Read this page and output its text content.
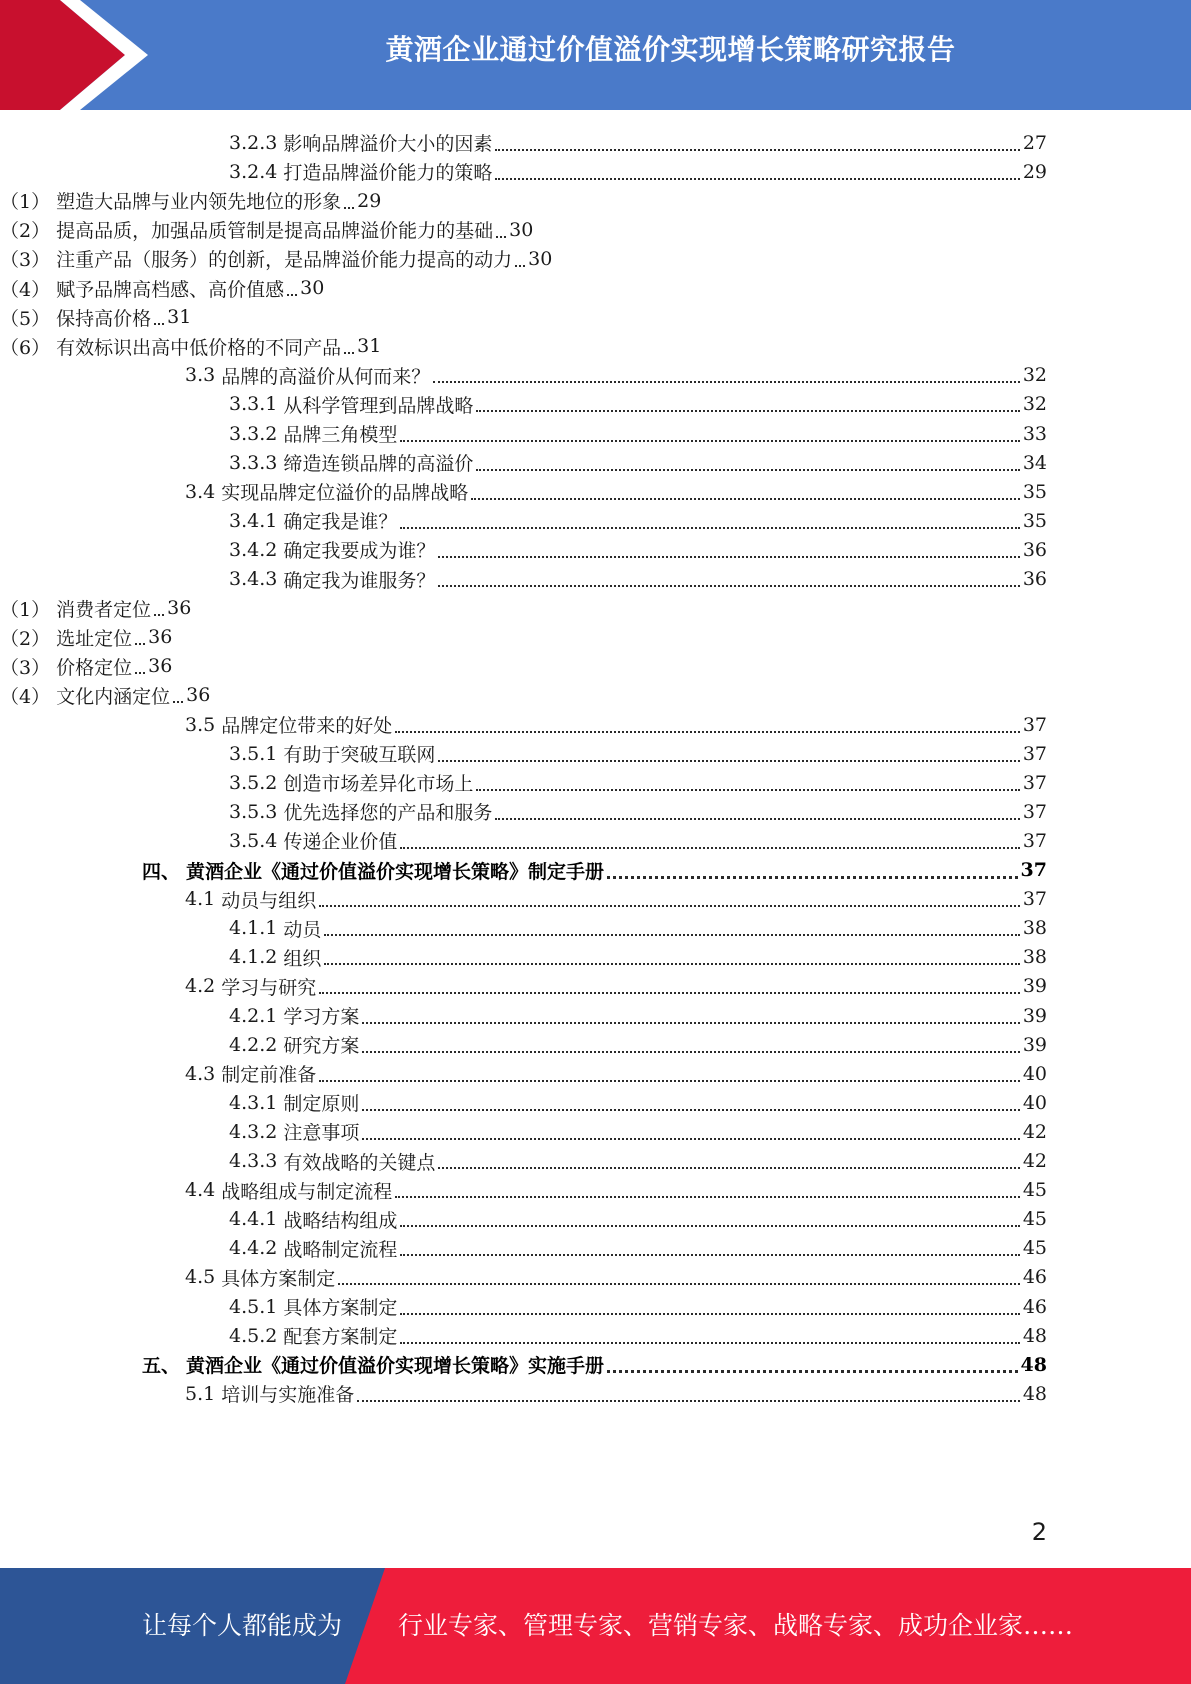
黄酒企业通过价值溢价实现增长策略研究报告
3.2.3 影响品牌溢价大小的因素	27
3.2.4 打造品牌溢价能力的策略	29
（1） 塑造大品牌与业内领先地位的形象 29
（2） 提高品质，加强品质管制是提高品牌溢价能力的基础 30
（3） 注重产品（服务）的创新，是品牌溢价能力提高的动力 30
（4） 赋予品牌高档感、高价值感 30
（5） 保持高价格 31
（6） 有效标识出高中低价格的不同产品 31
3.3 品牌的高溢价从何而来？	32
3.3.1 从科学管理到品牌战略	32
3.3.2 品牌三角模型	33
3.3.3 缔造连锁品牌的高溢价	34
3.4 实现品牌定位溢价的品牌战略	35
3.4.1 确定我是谁？	35
3.4.2 确定我要成为谁？	36
3.4.3 确定我为谁服务？	36
（1） 消费者定位 36
（2） 选址定位 36
（3） 价格定位 36
（4） 文化内涵定位 36
3.5 品牌定位带来的好处	37
3.5.1 有助于突破互联网	37
3.5.2 创造市场差异化市场上	37
3.5.3 优先选择您的产品和服务	37
3.5.4 传递企业价值	37
四、 黄酒企业《通过价值溢价实现增长策略》制定手册	37
4.1 动员与组织	37
4.1.1 动员	38
4.1.2 组织	38
4.2 学习与研究	39
4.2.1 学习方案	39
4.2.2 研究方案	39
4.3 制定前准备	40
4.3.1 制定原则	40
4.3.2 注意事项	42
4.3.3 有效战略的关键点	42
4.4 战略组成与制定流程	45
4.4.1 战略结构组成	45
4.4.2 战略制定流程	45
4.5 具体方案制定	46
4.5.1 具体方案制定	46
4.5.2 配套方案制定	48
五、 黄酒企业《通过价值溢价实现增长策略》实施手册	48
5.1 培训与实施准备	48
2
让每个人都能成为 行业专家、管理专家、营销专家、战略专家、成功企业家……
